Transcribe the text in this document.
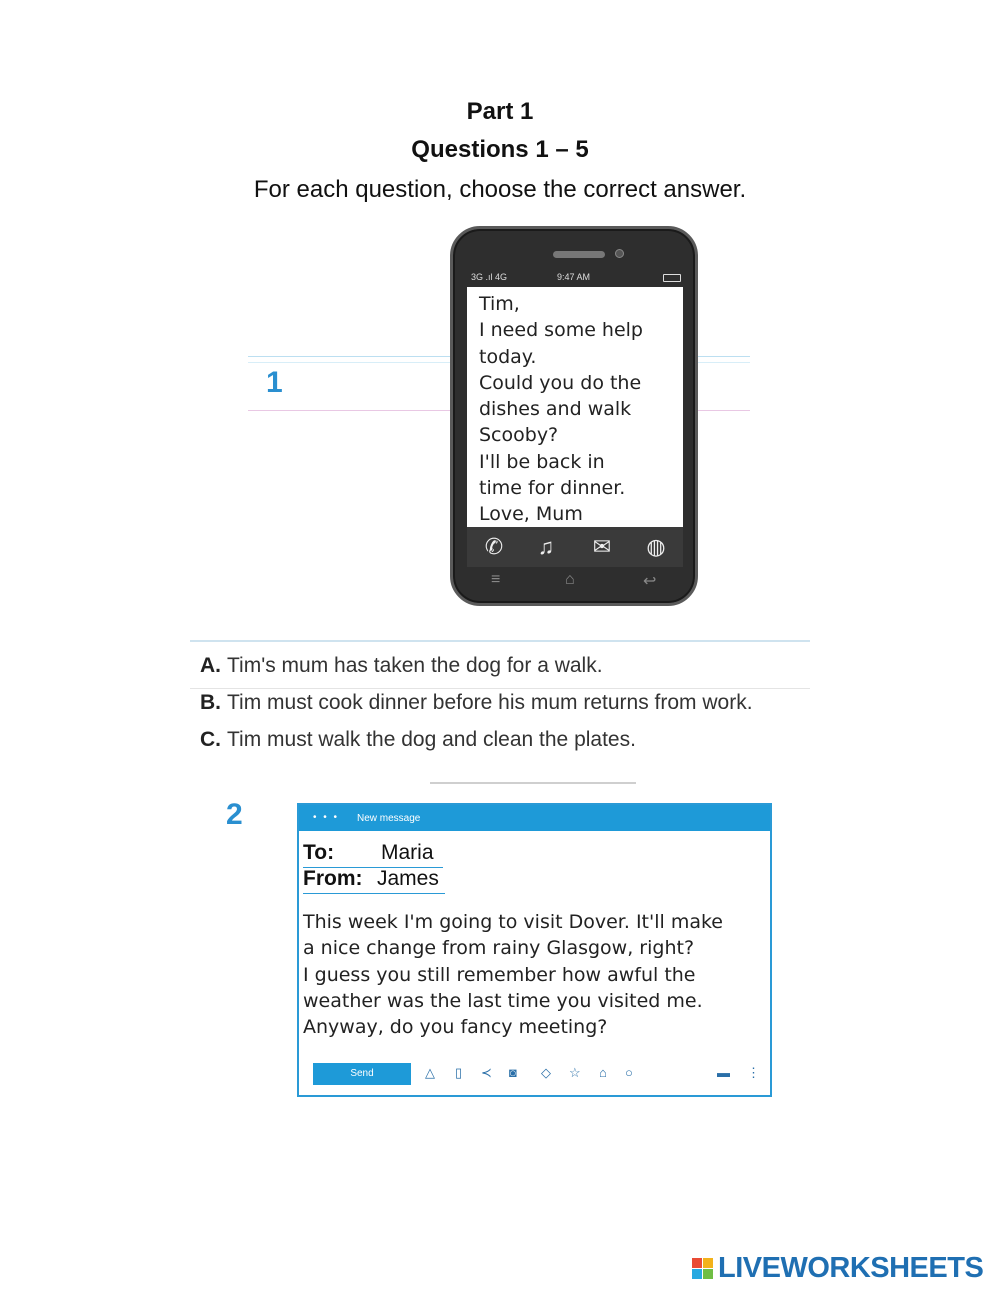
Part 1
Questions 1 – 5
For each question, choose the correct answer.
1
3G .ıl 4G	9:47 AM
Tim,
I need some help
today.
Could you do the
dishes and walk
Scooby?
I'll be back in
time for dinner.
Love, Mum
✆	♫	✉ ◍
≡	⌂	↩
A. Tim's mum has taken the dog for a walk.
B. Tim must cook dinner before his mum returns from work.
C. Tim must walk the dog and clean the plates.
2	• • • New message
To: Maria
From: James
This week I'm going to visit Dover. It'll make
a nice change from rainy Glasgow, right?
I guess you still remember how awful the
weather was the last time you visited me.
Anyway, do you fancy meeting?
Send	△ ▯ ≺ ◙ ◇ ☆ ⌂ ○	▬ ⋮
LIVEWORKSHEETS
